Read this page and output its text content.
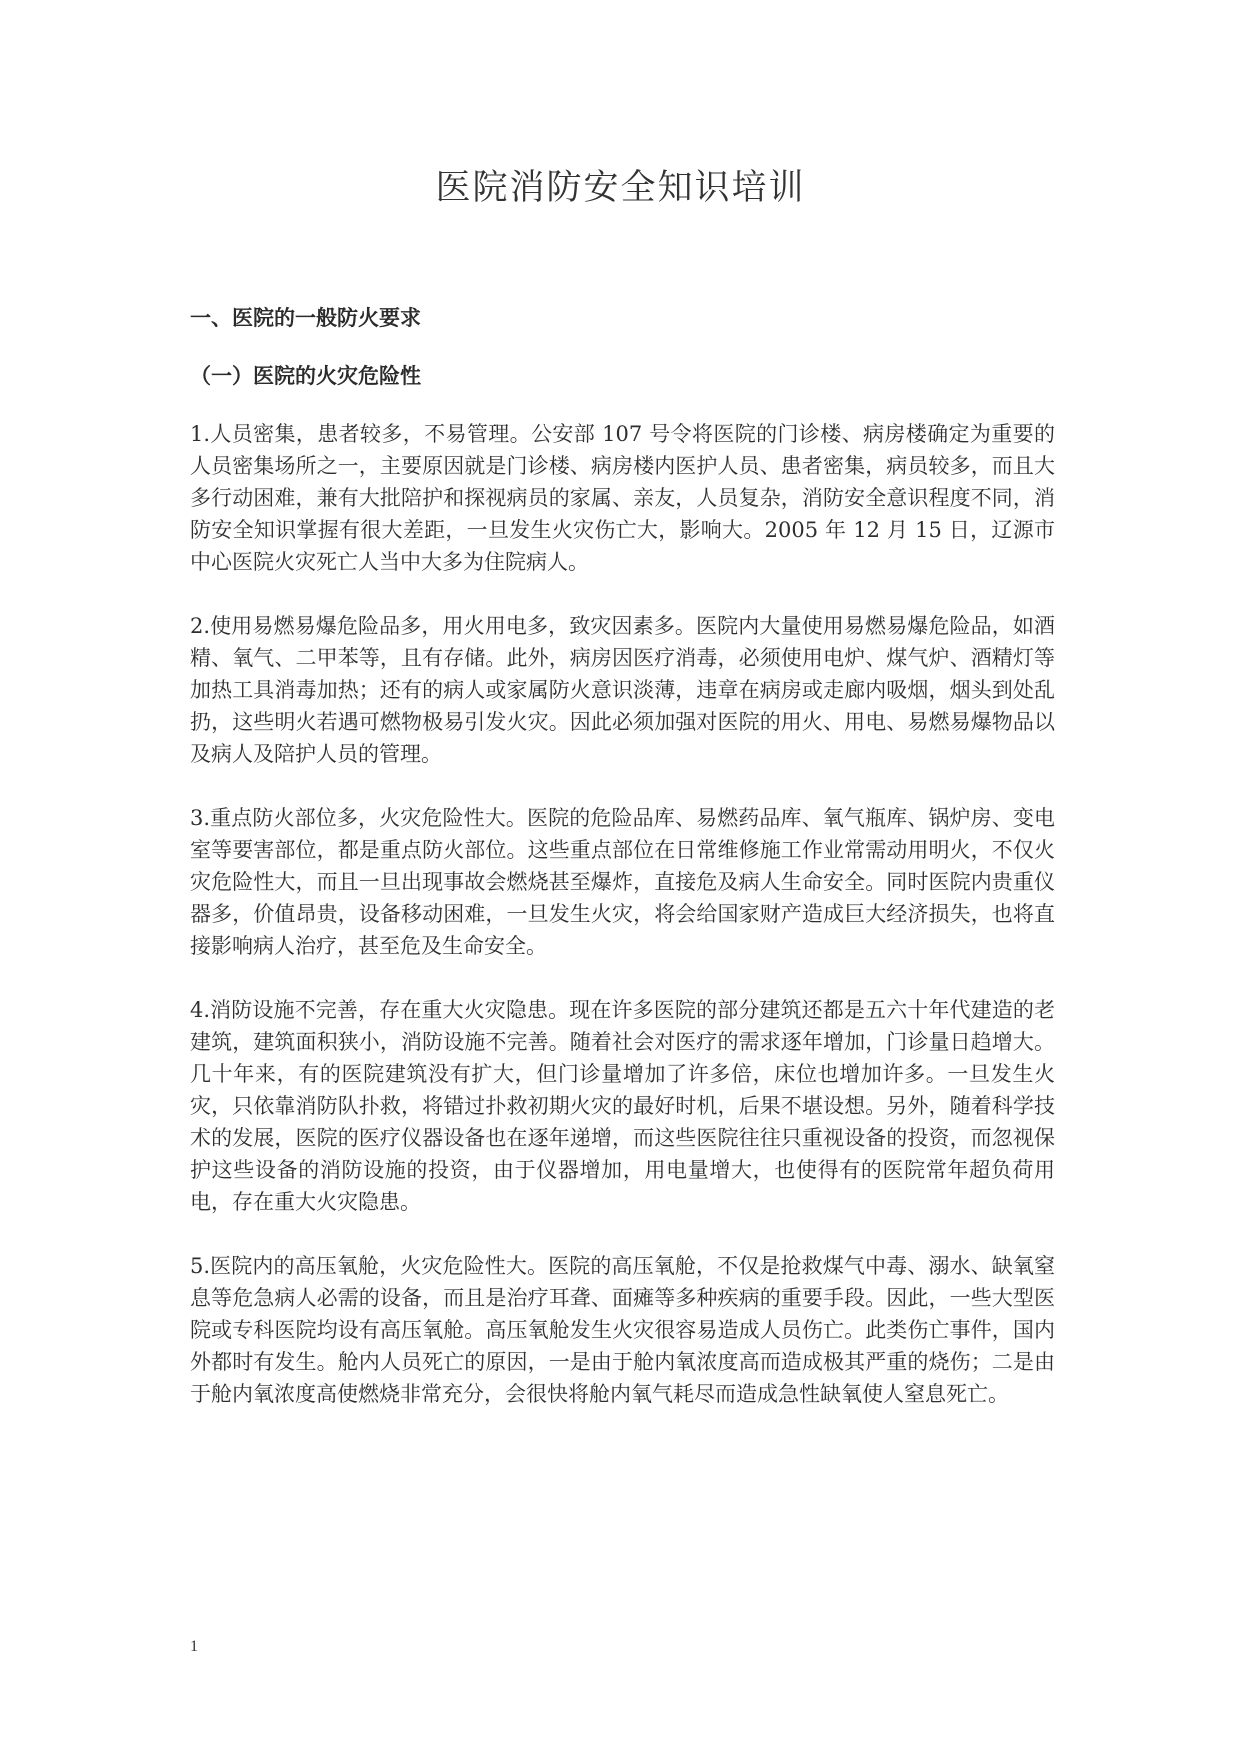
医院消防安全知识培训

一、医院的一般防火要求

（一）医院的火灾危险性

1.人员密集，患者较多，不易管理。公安部 107 号令将医院的门诊楼、病房楼确定为重要的人员密集场所之一，主要原因就是门诊楼、病房楼内医护人员、患者密集，病员较多，而且大多行动困难，兼有大批陪护和探视病员的家属、亲友，人员复杂，消防安全意识程度不同，消防安全知识掌握有很大差距，一旦发生火灾伤亡大，影响大。2005 年 12 月 15 日，辽源市中心医院火灾死亡人当中大多为住院病人。

2.使用易燃易爆危险品多，用火用电多，致灾因素多。医院内大量使用易燃易爆危险品，如酒精、氧气、二甲苯等，且有存储。此外，病房因医疗消毒，必须使用电炉、煤气炉、酒精灯等加热工具消毒加热；还有的病人或家属防火意识淡薄，违章在病房或走廊内吸烟，烟头到处乱扔，这些明火若遇可燃物极易引发火灾。因此必须加强对医院的用火、用电、易燃易爆物品以及病人及陪护人员的管理。

3.重点防火部位多，火灾危险性大。医院的危险品库、易燃药品库、氧气瓶库、锅炉房、变电室等要害部位，都是重点防火部位。这些重点部位在日常维修施工作业常需动用明火，不仅火灾危险性大，而且一旦出现事故会燃烧甚至爆炸，直接危及病人生命安全。同时医院内贵重仪器多，价值昂贵，设备移动困难，一旦发生火灾，将会给国家财产造成巨大经济损失，也将直接影响病人治疗，甚至危及生命安全。

4.消防设施不完善，存在重大火灾隐患。现在许多医院的部分建筑还都是五六十年代建造的老建筑，建筑面积狭小，消防设施不完善。随着社会对医疗的需求逐年增加，门诊量日趋增大。几十年来，有的医院建筑没有扩大，但门诊量增加了许多倍，床位也增加许多。一旦发生火灾，只依靠消防队扑救，将错过扑救初期火灾的最好时机，后果不堪设想。另外，随着科学技术的发展，医院的医疗仪器设备也在逐年递增，而这些医院往往只重视设备的投资，而忽视保护这些设备的消防设施的投资，由于仪器增加，用电量增大，也使得有的医院常年超负荷用电，存在重大火灾隐患。

5.医院内的高压氧舱，火灾危险性大。医院的高压氧舱，不仅是抢救煤气中毒、溺水、缺氧窒息等危急病人必需的设备，而且是治疗耳聋、面瘫等多种疾病的重要手段。因此，一些大型医院或专科医院均设有高压氧舱。高压氧舱发生火灾很容易造成人员伤亡。此类伤亡事件，国内外都时有发生。舱内人员死亡的原因，一是由于舱内氧浓度高而造成极其严重的烧伤；二是由于舱内氧浓度高使燃烧非常充分，会很快将舱内氧气耗尽而造成急性缺氧使人窒息死亡。

1
